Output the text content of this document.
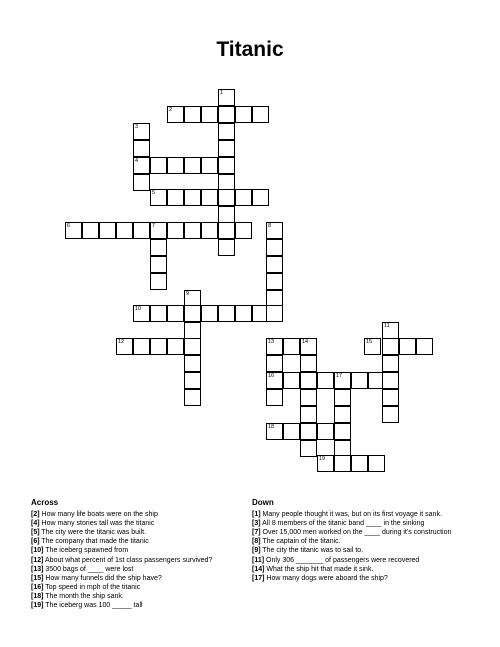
Titanic
1
2
3
4
5
6	7	8
9
10
11
12	13	14	15
16	17
18
19
Across
[2] How many life boats were on the ship
[4] How many stories tall was the titanic
[5] The city were the titanic was built.
[6] The company that made the titanic
[10] The iceberg spawned from
[12] About what percent of 1st class passengers survived?
[13] 3500 bags of ____ were lost
[15] How many funnels did the ship have?
[16] Top speed in mph of the titanic
[18] The month the ship sank.
[19] The iceberg was 100 _____ tall
Down
[1] Many people thought it was, but on its first voyage it sank.
[3] All 8 members of the titanic band ____ in the sinking
[7] Over 15,000 men worked on the ____ during it's construction
[8] The captain of the titanic.
[9] The city the titanic was to sail to.
[11] Only 306 _______ of passengers were recovered
[14] What the ship hit that made it sink.
[17] How many dogs were aboard the ship?
